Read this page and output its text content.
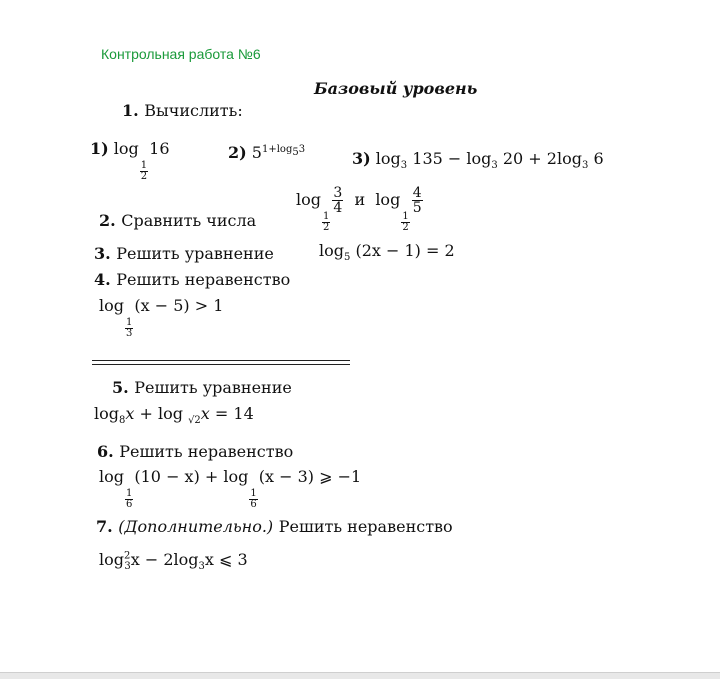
Контрольная работа №6
Базовый уровень
1. Вычислить:
1) log
$\frac{1}{2}$
16	2) $5^{1+log_53}$	3) $\log_3 135 - \log_3 20 + 2\log_3$ 6
log
$\frac{1}{2}$
$\frac{3}{4}$ и log
$\frac{1}{2}$
$\frac{4}{5}$
2. Сравнить числа
3. Решить уравнение	$\log_5 (2x - 1) = 2$
4. Решить неравенство
log
$\frac{1}{3}$
(x − 5) > 1
5. Решить уравнение
$\log_8x + \log _{√2}x = 14$
6. Решить неравенство
log
$\frac{1}{6}$
(10 − x) + log
$\frac{1}{6}$
(x − 3) ⩾ −1
7. (Дополнительно.) Решить неравенство
$\log^2_3x - 2\log_3x$ ⩽ 3
